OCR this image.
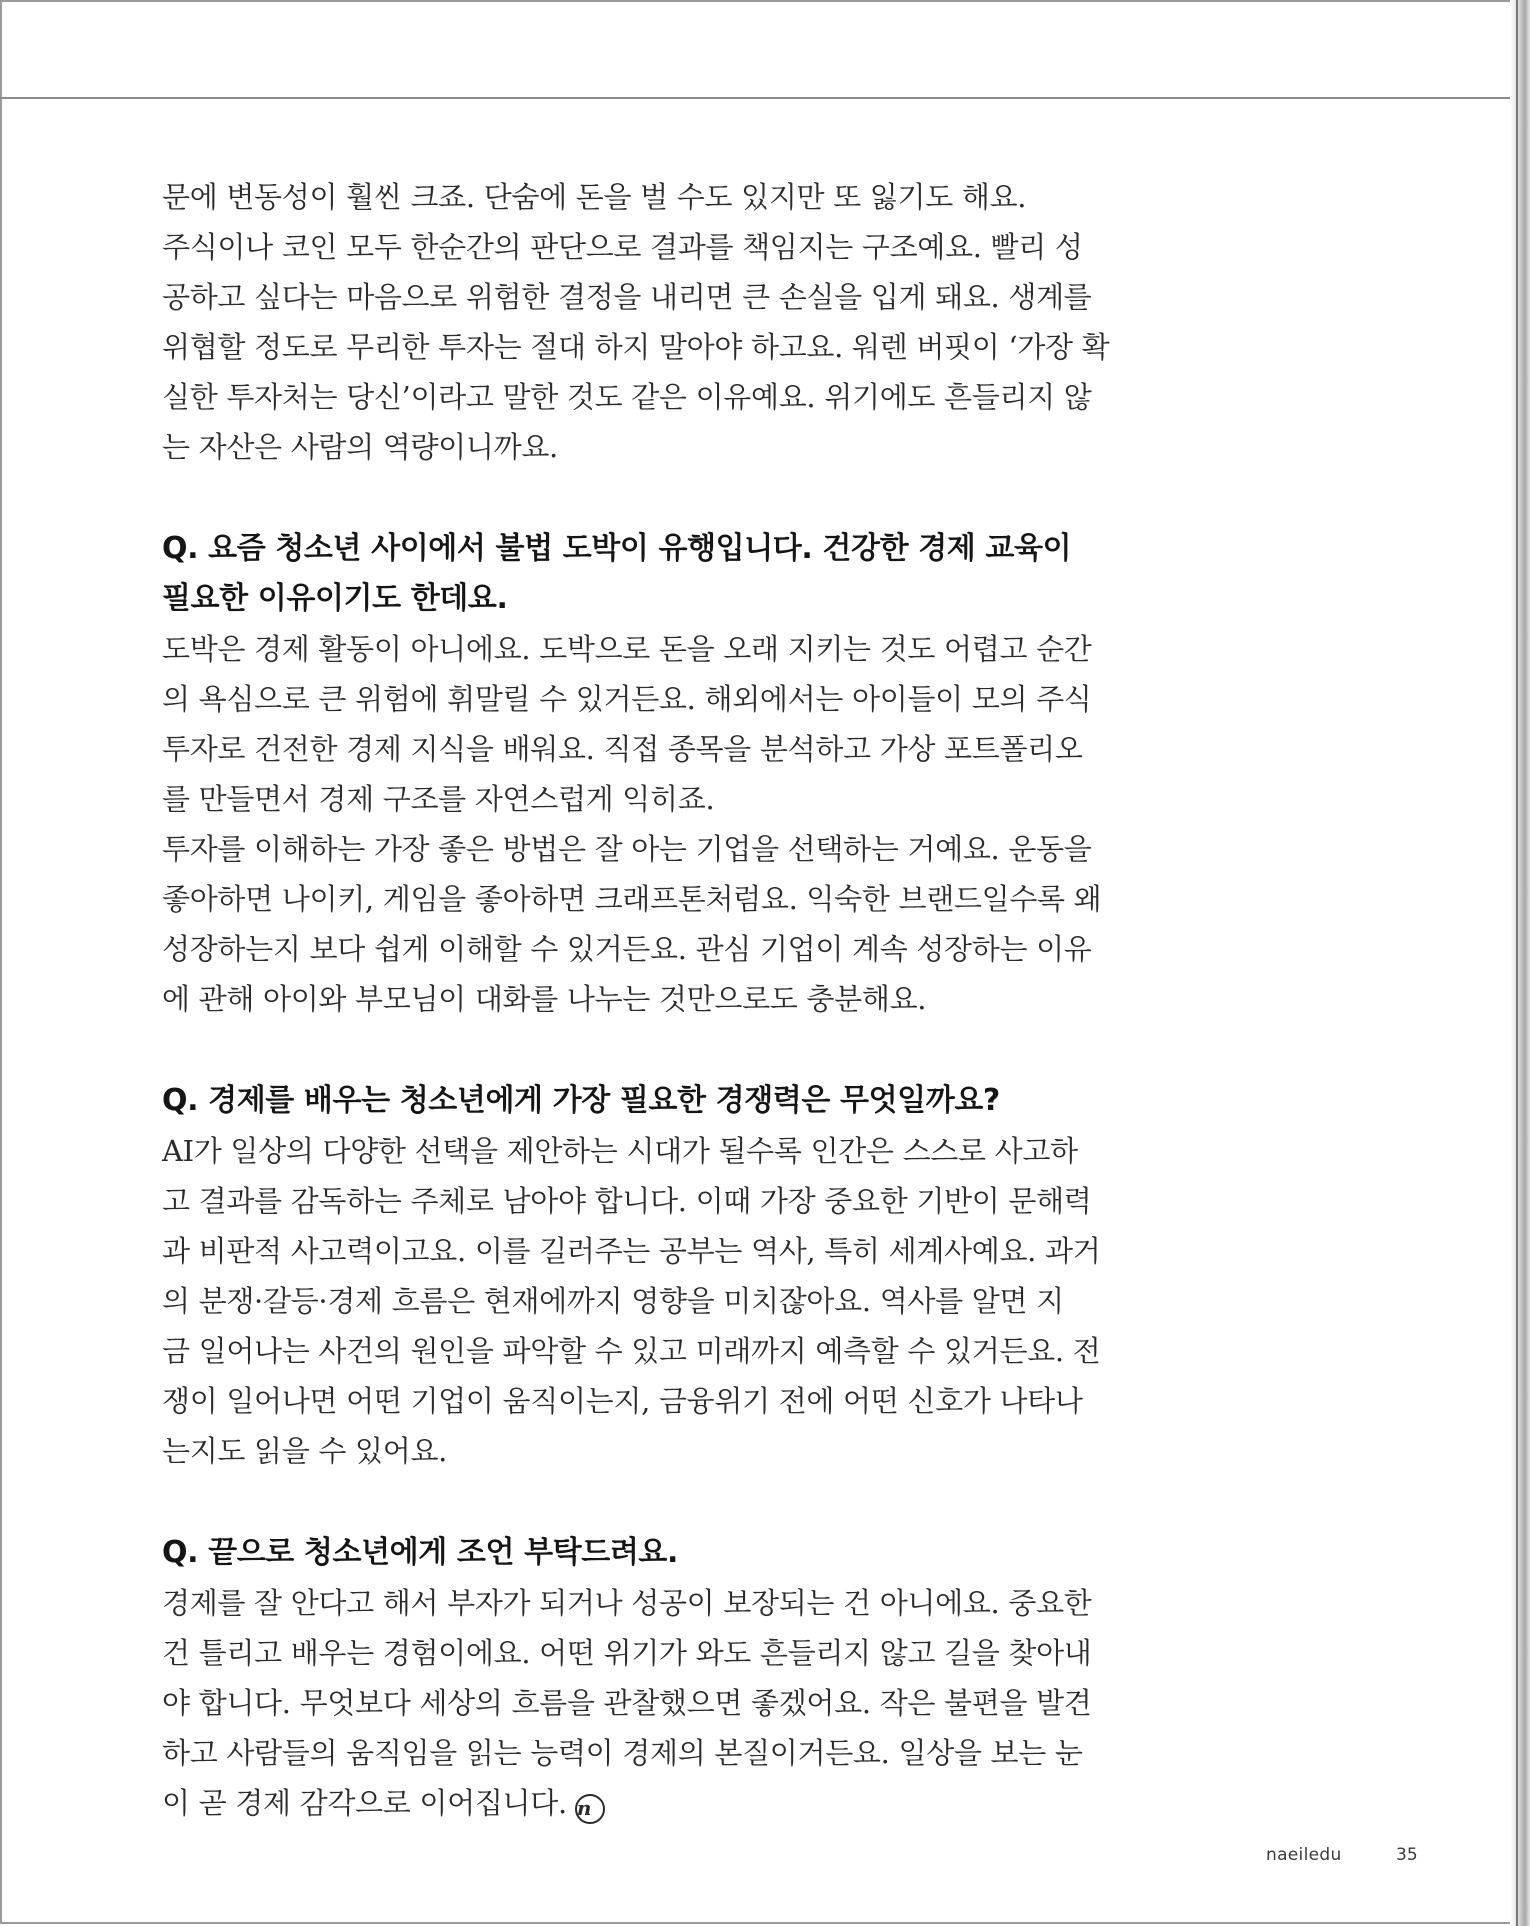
문에 변동성이 훨씬 크죠. 단숨에 돈을 벌 수도 있지만 또 잃기도 해요.

주식이나 코인 모두 한순간의 판단으로 결과를 책임지는 구조예요. 빨리 성
공하고 싶다는 마음으로 위험한 결정을 내리면 큰 손실을 입게 돼요. 생계를
위협할 정도로 무리한 투자는 절대 하지 말아야 하고요. 워렌 버핏이 ‘가장 확
실한 투자처는 당신’이라고 말한 것도 같은 이유예요. 위기에도 흔들리지 않
는 자산은 사람의 역량이니까요.

Q. 요즘 청소년 사이에서 불법 도박이 유행입니다. 건강한 경제 교육이
필요한 이유이기도 한데요.

도박은 경제 활동이 아니에요. 도박으로 돈을 오래 지키는 것도 어렵고 순간
의 욕심으로 큰 위험에 휘말릴 수 있거든요. 해외에서는 아이들이 모의 주식
투자로 건전한 경제 지식을 배워요. 직접 종목을 분석하고 가상 포트폴리오
를 만들면서 경제 구조를 자연스럽게 익히죠.

투자를 이해하는 가장 좋은 방법은 잘 아는 기업을 선택하는 거예요. 운동을
좋아하면 나이키, 게임을 좋아하면 크래프톤처럼요. 익숙한 브랜드일수록 왜
성장하는지 보다 쉽게 이해할 수 있거든요. 관심 기업이 계속 성장하는 이유
에 관해 아이와 부모님이 대화를 나누는 것만으로도 충분해요.

Q. 경제를 배우는 청소년에게 가장 필요한 경쟁력은 무엇일까요?

AI가 일상의 다양한 선택을 제안하는 시대가 될수록 인간은 스스로 사고하
고 결과를 감독하는 주체로 남아야 합니다. 이때 가장 중요한 기반이 문해력
과 비판적 사고력이고요. 이를 길러주는 공부는 역사, 특히 세계사예요. 과거
의 분쟁·갈등·경제 흐름은 현재에까지 영향을 미치잖아요. 역사를 알면 지
금 일어나는 사건의 원인을 파악할 수 있고 미래까지 예측할 수 있거든요. 전
쟁이 일어나면 어떤 기업이 움직이는지, 금융위기 전에 어떤 신호가 나타나
는지도 읽을 수 있어요.

Q. 끝으로 청소년에게 조언 부탁드려요.

경제를 잘 안다고 해서 부자가 되거나 성공이 보장되는 건 아니에요. 중요한
건 틀리고 배우는 경험이에요. 어떤 위기가 와도 흔들리지 않고 길을 찾아내
야 합니다. 무엇보다 세상의 흐름을 관찰했으면 좋겠어요. 작은 불편을 발견
하고 사람들의 움직임을 읽는 능력이 경제의 본질이거든요. 일상을 보는 눈
이 곧 경제 감각으로 이어집니다. n

naeiledu	35
